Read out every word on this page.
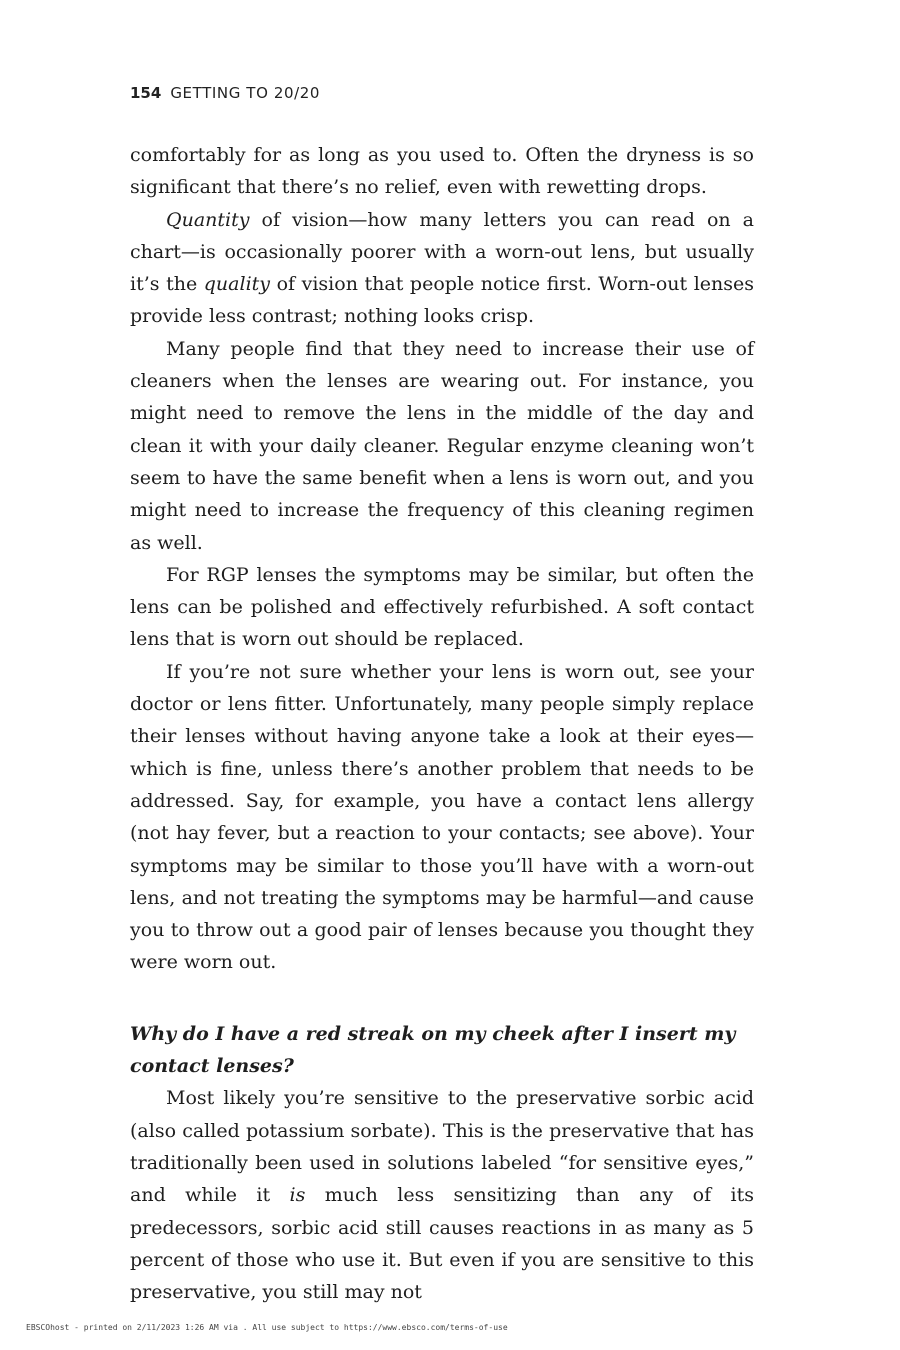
154 GETTING TO 20/20

comfortably for as long as you used to. Often the dryness is so significant that there’s no relief, even with rewetting drops.

Quantity of vision—how many letters you can read on a chart—is occasionally poorer with a worn-out lens, but usually it’s the quality of vision that people notice first. Worn-out lenses provide less contrast; nothing looks crisp.

Many people find that they need to increase their use of cleaners when the lenses are wearing out. For instance, you might need to remove the lens in the middle of the day and clean it with your daily cleaner. Regular enzyme cleaning won’t seem to have the same benefit when a lens is worn out, and you might need to increase the frequency of this cleaning regimen as well.

For RGP lenses the symptoms may be similar, but often the lens can be polished and effectively refurbished. A soft contact lens that is worn out should be replaced.

If you’re not sure whether your lens is worn out, see your doctor or lens fitter. Unfortunately, many people simply replace their lenses without having anyone take a look at their eyes—which is fine, unless there’s another problem that needs to be addressed. Say, for example, you have a contact lens allergy (not hay fever, but a reaction to your contacts; see above). Your symptoms may be similar to those you’ll have with a worn-out lens, and not treating the symptoms may be harmful—and cause you to throw out a good pair of lenses because you thought they were worn out.

Why do I have a red streak on my cheek after I insert my contact lenses?

Most likely you’re sensitive to the preservative sorbic acid (also called potassium sorbate). This is the preservative that has traditionally been used in solutions labeled “for sensitive eyes,” and while it is much less sensitizing than any of its predecessors, sorbic acid still causes reactions in as many as 5 percent of those who use it. But even if you are sensitive to this preservative, you still may not

EBSCOhost - printed on 2/11/2023 1:26 AM via . All use subject to https://www.ebsco.com/terms-of-use
